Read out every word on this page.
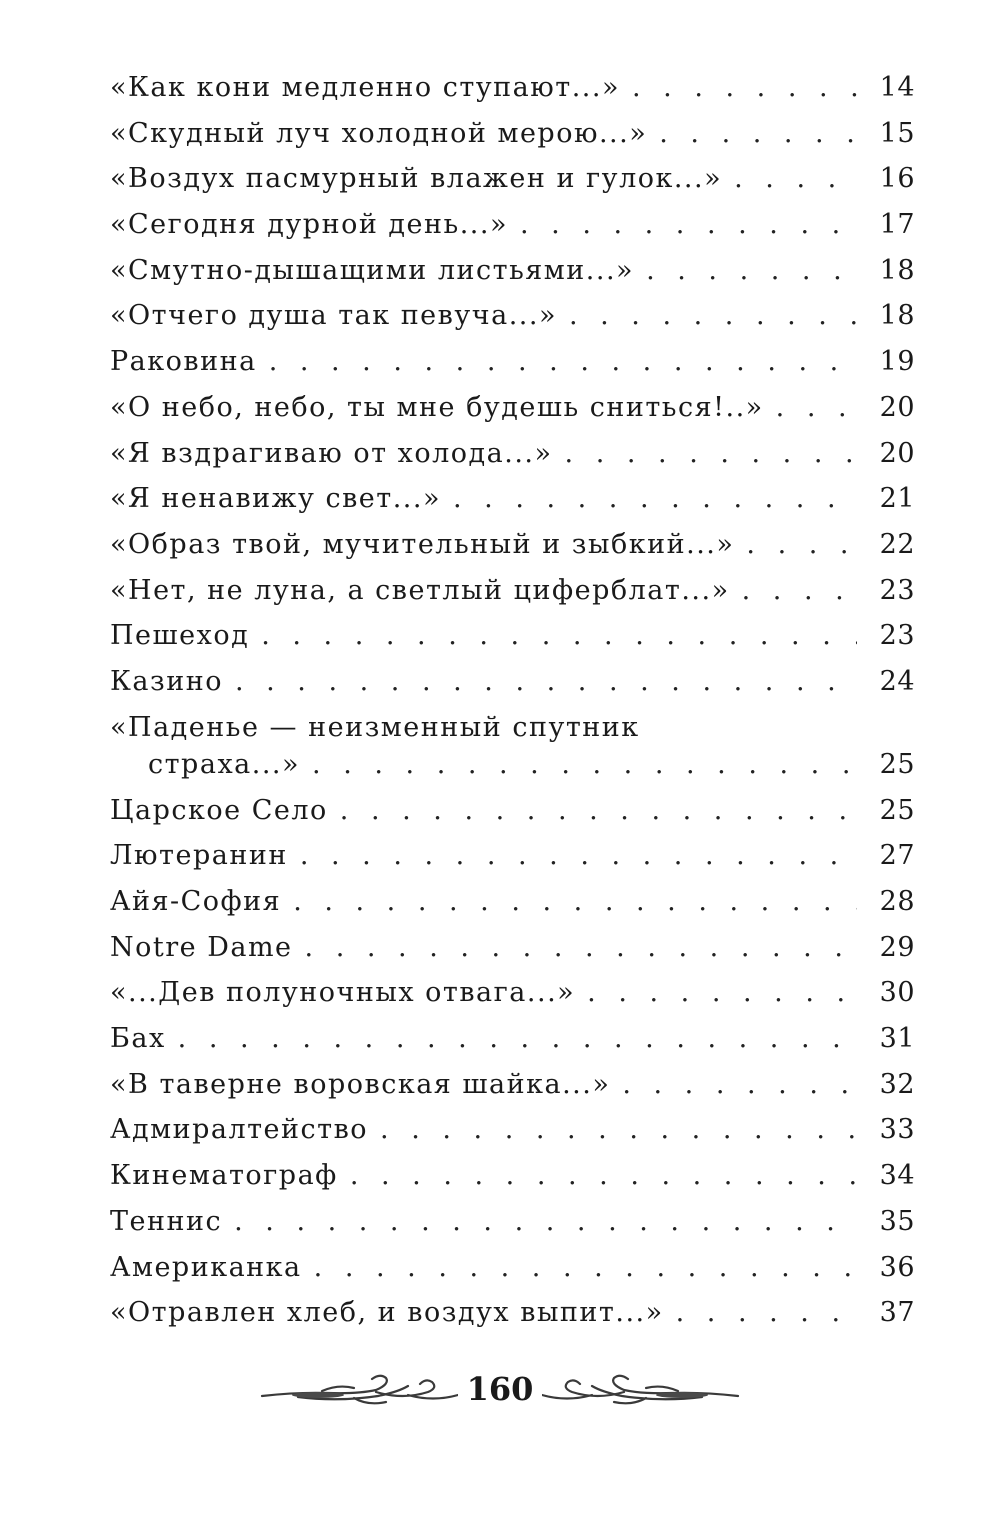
«Как кони медленно ступают...» . . .	14
«Скудный луч холодной мерою...» . . .	15
«Воздух пасмурный влажен и гулок...» . . .	16
«Сегодня дурной день...» . . .	17
«Смутно-дышащими листьями...» . . .	18
«Отчего душа так певуча...» . . .	18
Раковина . . .	19
«О небо, небо, ты мне будешь сниться!..» . . .	20
«Я вздрагиваю от холода...» . . .	20
«Я ненавижу свет...» . . .	21
«Образ твой, мучительный и зыбкий...» . . .	22
«Нет, не луна, а светлый циферблат...» . . .	23
Пешеход . . .	23
Казино . . .	24
«Паденье — неизменный спутник
страха...» . . .	25
Царское Село . . .	25
Лютеранин . . .	27
Айя-София . . .	28
Notre Dame . . .	29
«...Дев полуночных отвага...» . . .	30
Бах . . .	31
«В таверне воровская шайка...» . . .	32
Адмиралтейство . . .	33
Кинематограф . . .	34
Теннис . . .	35
Американка . . .	36
«Отравлен хлеб, и воздух выпит...» . . .	37
160
